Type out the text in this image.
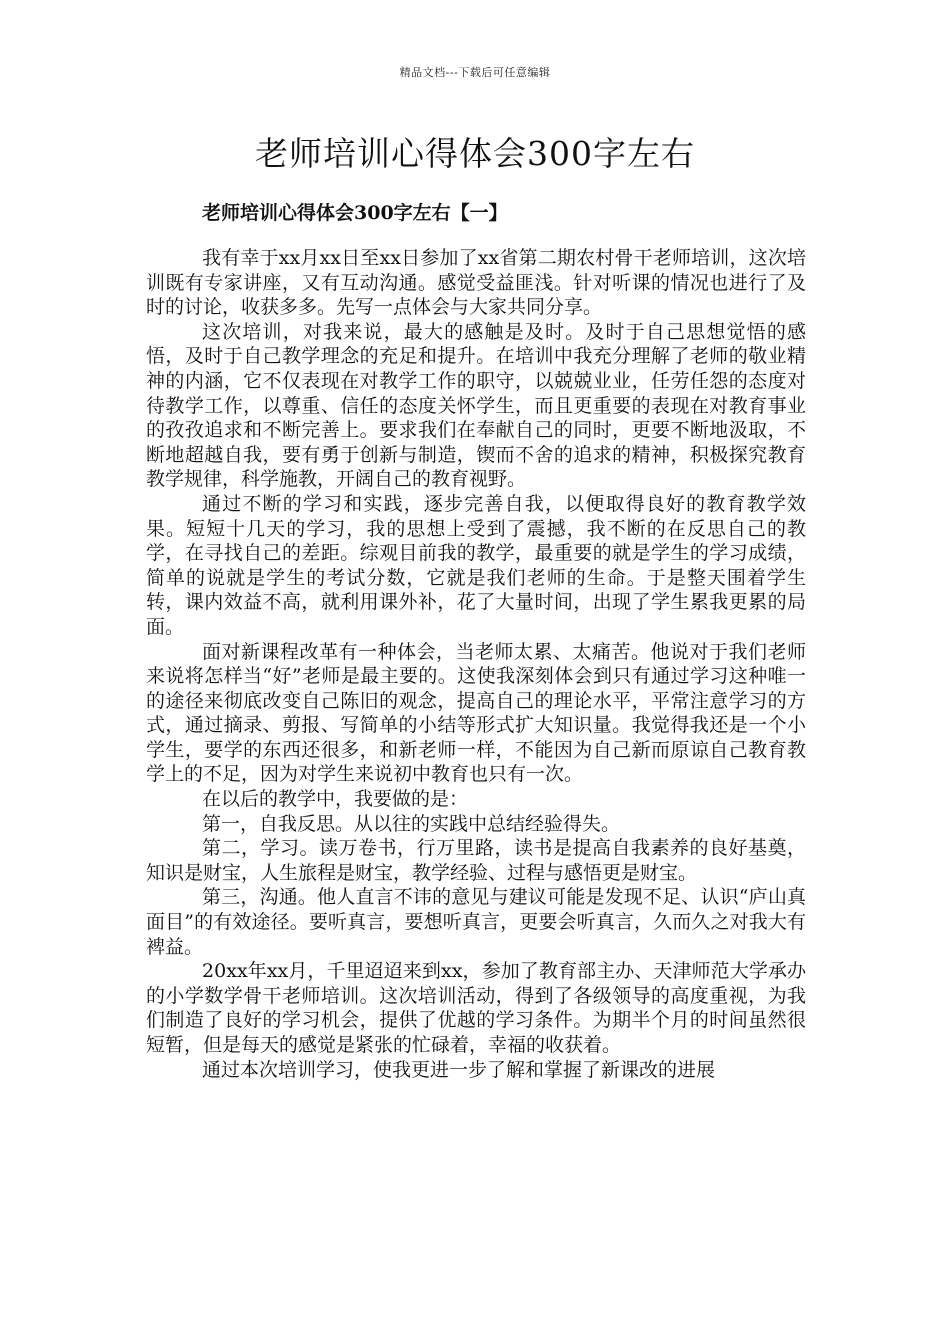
精品文档---下载后可任意编辑
老师培训心得体会300字左右
老师培训心得体会300字左右【一】

我有幸于xx月xx日至xx日参加了xx省第二期农村骨干老师培训，这次培训既有专家讲座，又有互动沟通。感觉受益匪浅。针对听课的情况也进行了及时的讨论，收获多多。先写一点体会与大家共同分享。

这次培训，对我来说，最大的感触是及时。及时于自己思想觉悟的感悟，及时于自己教学理念的充足和提升。在培训中我充分理解了老师的敬业精神的内涵，它不仅表现在对教学工作的职守，以兢兢业业，任劳任怨的态度对待教学工作，以尊重、信任的态度关怀学生，而且更重要的表现在对教育事业的孜孜追求和不断完善上。要求我们在奉献自己的同时，更要不断地汲取，不断地超越自我，要有勇于创新与制造，锲而不舍的追求的精神，积极探究教育教学规律，科学施教，开阔自己的教育视野。

通过不断的学习和实践，逐步完善自我，以便取得良好的教育教学效果。短短十几天的学习，我的思想上受到了震撼，我不断的在反思自己的教学，在寻找自己的差距。综观目前我的教学，最重要的就是学生的学习成绩，简单的说就是学生的考试分数，它就是我们老师的生命。于是整天围着学生转，课内效益不高，就利用课外补，花了大量时间，出现了学生累我更累的局面。

面对新课程改革有一种体会，当老师太累、太痛苦。他说对于我们老师来说将怎样当“好”老师是最主要的。这使我深刻体会到只有通过学习这种唯一的途径来彻底改变自己陈旧的观念，提高自己的理论水平，平常注意学习的方式，通过摘录、剪报、写简单的小结等形式扩大知识量。我觉得我还是一个小学生，要学的东西还很多，和新老师一样，不能因为自己新而原谅自己教育教学上的不足，因为对学生来说初中教育也只有一次。

在以后的教学中，我要做的是：

第一，自我反思。从以往的实践中总结经验得失。

第二，学习。读万卷书，行万里路，读书是提高自我素养的良好基奠，知识是财宝，人生旅程是财宝，教学经验、过程与感悟更是财宝。

第三，沟通。他人直言不讳的意见与建议可能是发现不足、认识“庐山真面目”的有效途径。要听真言，要想听真言，更要会听真言，久而久之对我大有裨益。

20xx年xx月，千里迢迢来到xx，参加了教育部主办、天津师范大学承办的小学数学骨干老师培训。这次培训活动，得到了各级领导的高度重视，为我们制造了良好的学习机会，提供了优越的学习条件。为期半个月的时间虽然很短暂，但是每天的感觉是紧张的忙碌着，幸福的收获着。

通过本次培训学习，使我更进一步了解和掌握了新课改的进展
